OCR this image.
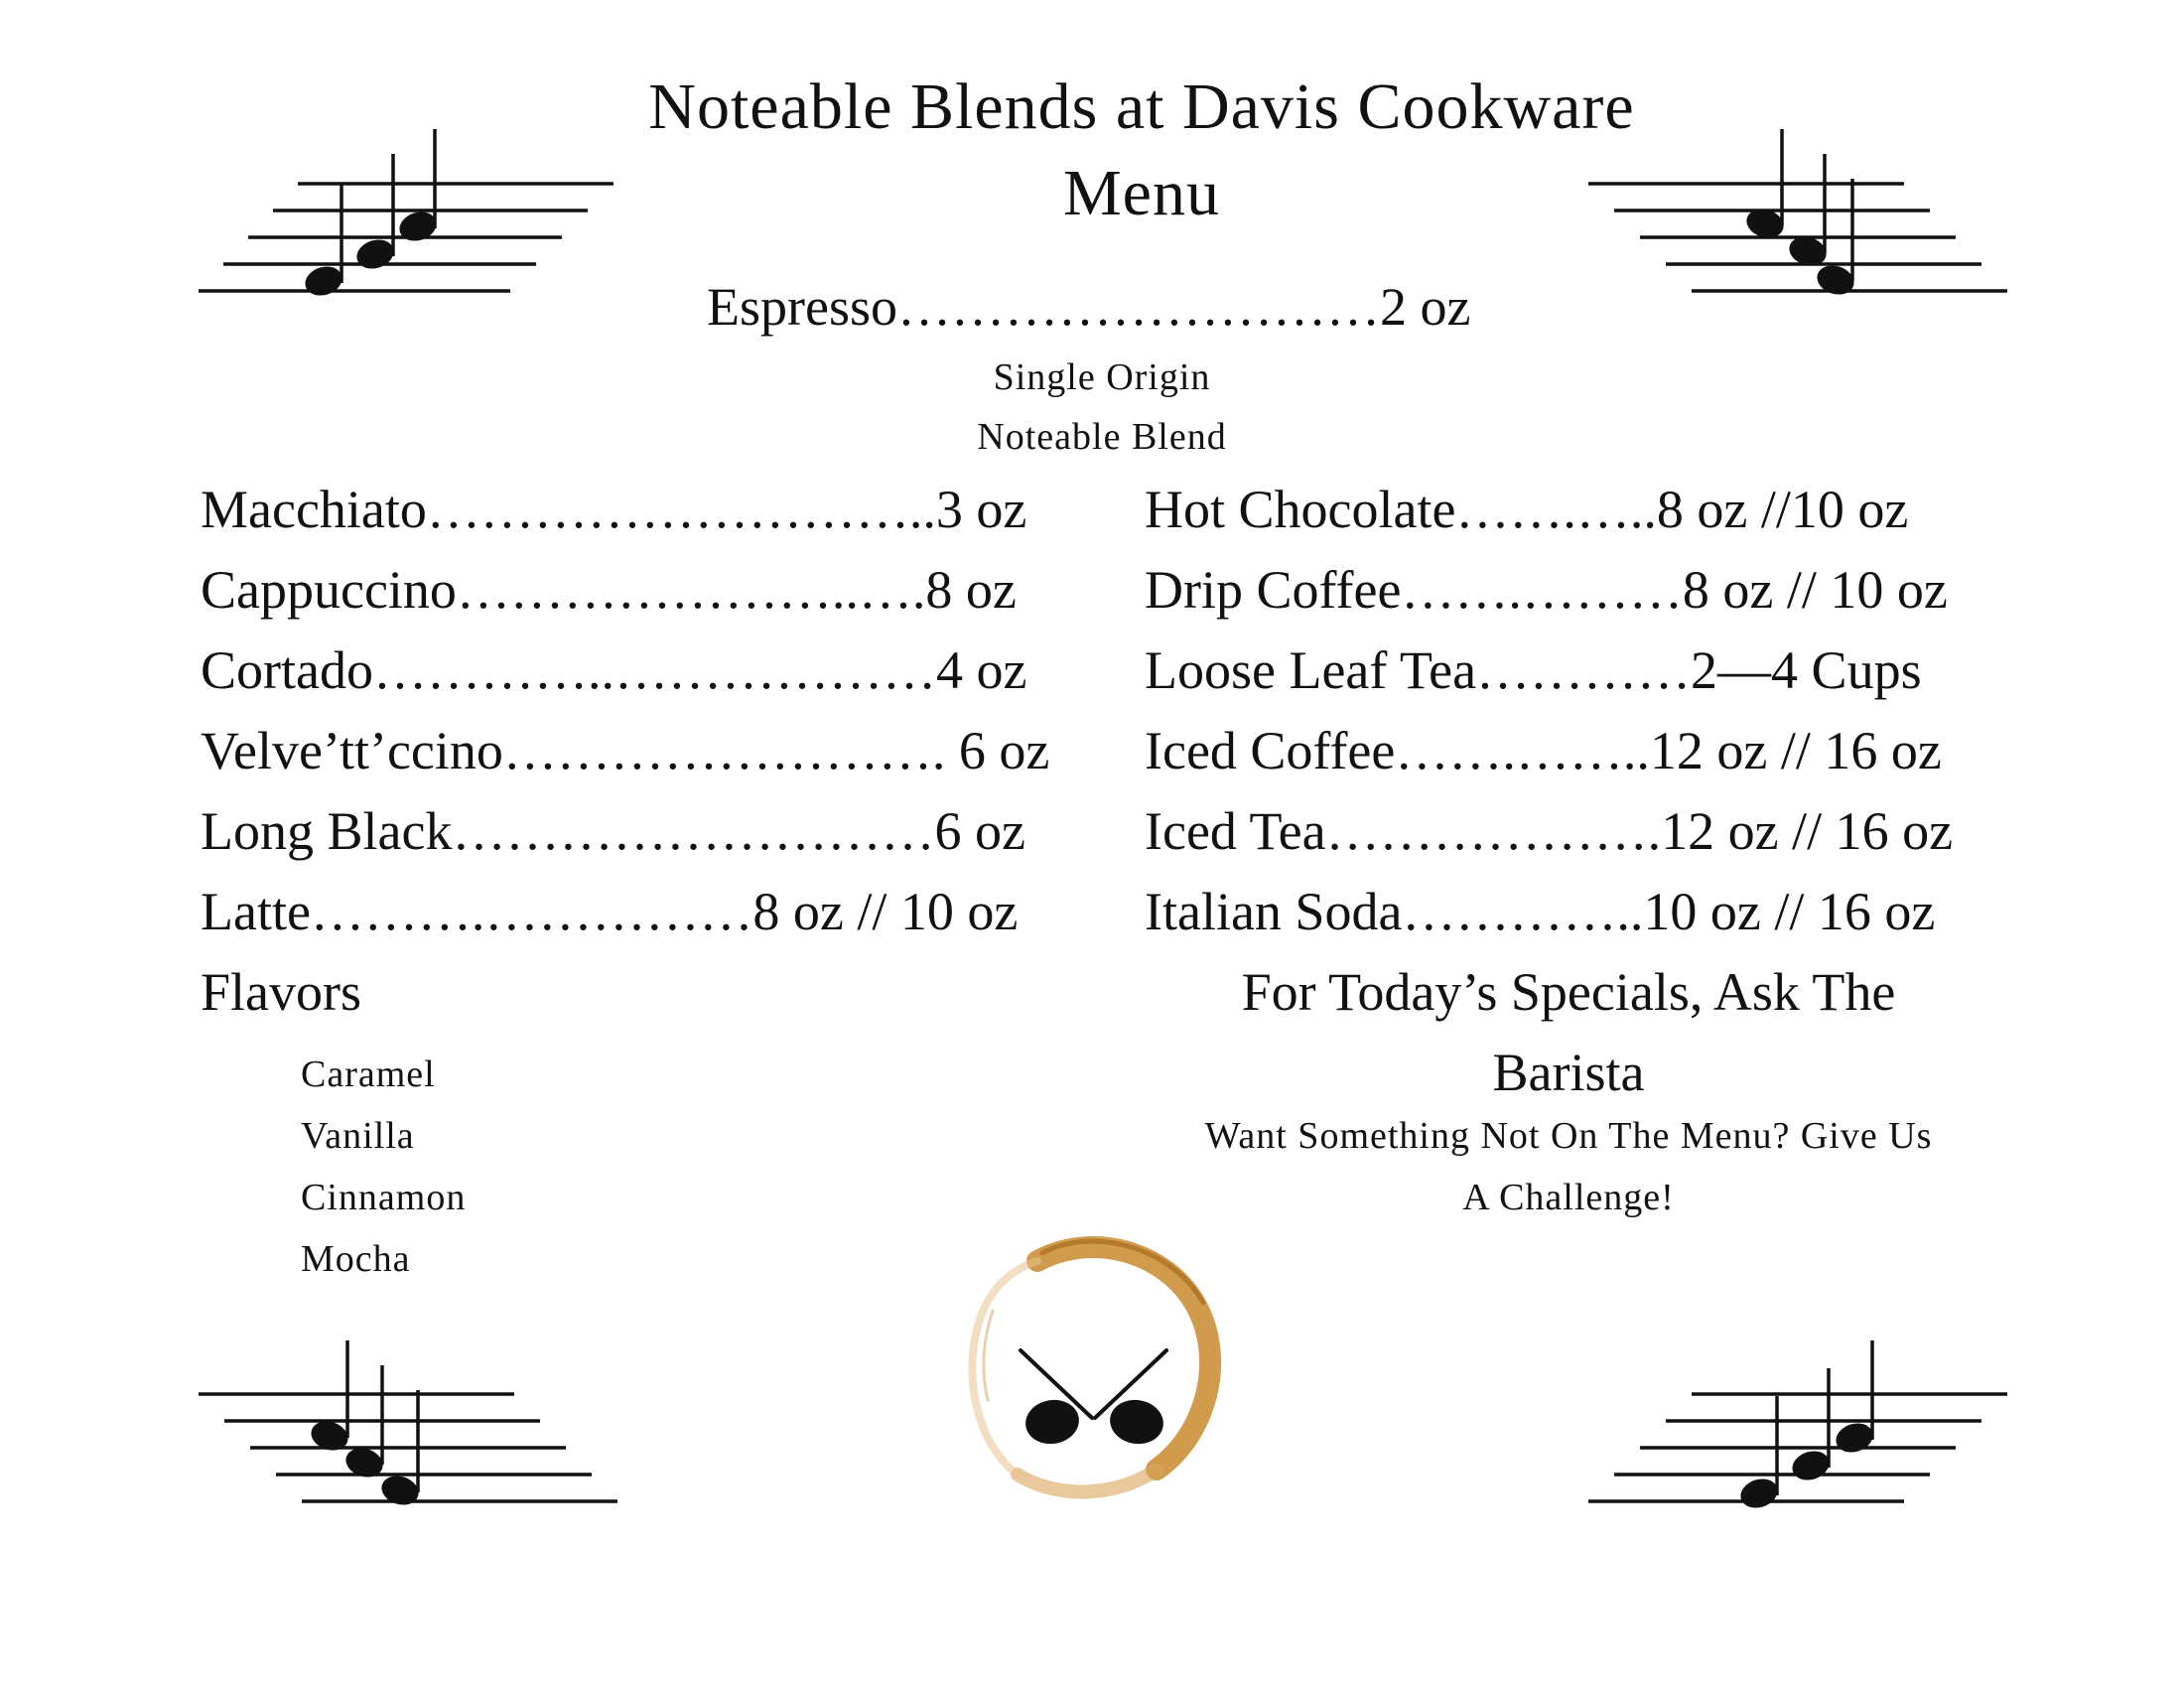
Noteable Blends at Davis Cookware
Menu
Espresso………………………2 oz
Single Origin
Noteable Blend
Macchiato………………………..3 oz
Cappuccino…………………..….8 oz
Cortado…………..………………4 oz
Velve’tt’ccino……………………. 6 oz
Long Black………………………6 oz
Latte……….……………8 oz // 10 oz
Flavors
Caramel
Vanilla
Cinnamon
Mocha
Hot Chocolate…….…..8 oz //10 oz
Drip Coffee…….………8 oz // 10 oz
Loose Leaf Tea…………2—4 Cups
Iced Coffee…….……..12 oz // 16 oz
Iced Tea……………….12 oz // 16 oz
Italian Soda…………..10 oz // 16 oz
For Today’s Specials, Ask The
Barista
Want Something Not On The Menu? Give Us
A Challenge!
